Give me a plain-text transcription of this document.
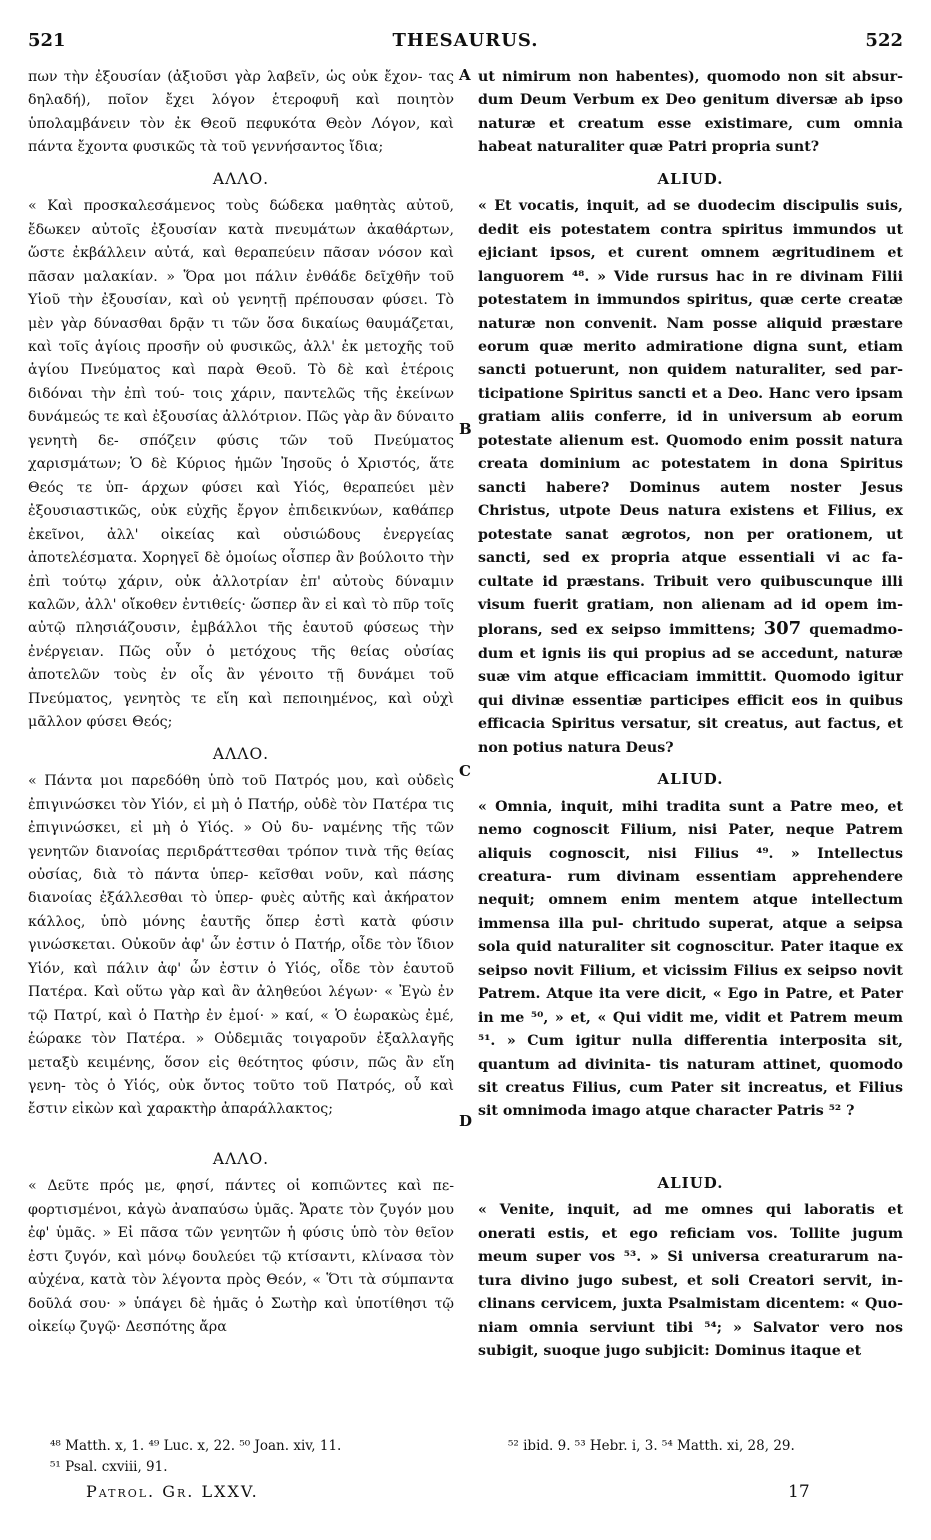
521	THESAURUS.	522

πων τὴν ἐξουσίαν (ἀξιοῦσι γὰρ λαβεῖν, ὡς οὐκ ἔχον- τας δηλαδή), ποῖον ἔχει λόγον ἑτεροφυῆ καὶ ποιητὸν ὑπολαμβάνειν τὸν ἐκ Θεοῦ πεφυκότα Θεὸν Λόγον, καὶ πάντα ἔχοντα φυσικῶς τὰ τοῦ γεννήσαντος ἴδια;

ΑΛΛΟ.

« Καὶ προσκαλεσάμενος τοὺς δώδεκα μαθητὰς αὐτοῦ, ἔδωκεν αὐτοῖς ἐξουσίαν κατὰ πνευμάτων ἀκαθάρτων, ὥστε ἐκβάλλειν αὐτά, καὶ θεραπεύειν πᾶσαν νόσον καὶ πᾶσαν μαλακίαν. » Ὅρα μοι πάλιν ἐνθάδε δεῖχθῆν τοῦ Υἱοῦ τὴν ἐξουσίαν, καὶ οὐ γενητῇ πρέπουσαν φύσει. Τὸ μὲν γὰρ δύνασθαι δρᾷν τι τῶν ὅσα δικαίως θαυμάζεται, καὶ τοῖς ἁγίοις προσῆν οὐ φυσικῶς, ἀλλ' ἐκ μετοχῆς τοῦ ἁγίου Πνεύματος καὶ παρὰ Θεοῦ. Τὸ δὲ καὶ ἑτέροις διδόναι τὴν ἐπὶ τού- τοις χάριν, παντελῶς τῆς ἐκείνων δυνάμεώς τε καὶ ἐξουσίας ἀλλότριον. Πῶς γὰρ ἂν δύναιτο γενητὴ δε- σπόζειν φύσις τῶν τοῦ Πνεύματος χαρισμάτων; Ὁ δὲ Κύριος ἡμῶν Ἰησοῦς ὁ Χριστός, ἅτε Θεός τε ὑπ- άρχων φύσει καὶ Υἱός, θεραπεύει μὲν ἐξουσιαστικῶς, οὐκ εὐχῆς ἔργον ἐπιδεικνύων, καθάπερ ἐκεῖνοι, ἀλλ' οἰκείας καὶ οὐσιώδους ἐνεργείας ἀποτελέσματα. Χορηγεῖ δὲ ὁμοίως οἷσπερ ἂν βούλοιτο τὴν ἐπὶ τούτῳ χάριν, οὐκ ἀλλοτρίαν ἐπ' αὐτοὺς δύναμιν καλῶν, ἀλλ' οἴκοθεν ἐντιθείς· ὥσπερ ἂν εἰ καὶ τὸ πῦρ τοῖς αὐτῷ πλησιάζουσιν, ἐμβάλλοι τῆς ἑαυτοῦ φύσεως τὴν ἐνέργειαν. Πῶς οὖν ὁ μετόχους τῆς θείας οὐσίας ἀποτελῶν τοὺς ἐν οἷς ἂν γένοιτο τῇ δυνάμει τοῦ Πνεύματος, γενητὸς τε εἴη καὶ πεποιημένος, καὶ οὐχὶ μᾶλλον φύσει Θεός;

ΑΛΛΟ.

« Πάντα μοι παρεδόθη ὑπὸ τοῦ Πατρός μου, καὶ οὐδεὶς ἐπιγινώσκει τὸν Υἱόν, εἰ μὴ ὁ Πατήρ, οὐδὲ τὸν Πατέρα τις ἐπιγινώσκει, εἰ μὴ ὁ Υἱός. » Οὐ δυ- ναμένης τῆς τῶν γενητῶν διανοίας περιδράττεσθαι τρόπον τινὰ τῆς θείας οὐσίας, διὰ τὸ πάντα ὑπερ- κεῖσθαι νοῦν, καὶ πάσης διανοίας ἐξάλλεσθαι τὸ ὑπερ- φυὲς αὐτῆς καὶ ἀκήρατον κάλλος, ὑπὸ μόνης ἑαυτῆς ὅπερ ἐστὶ κατὰ φύσιν γινώσκεται. Οὐκοῦν ἀφ' ὧν ἐστιν ὁ Πατήρ, οἶδε τὸν ἴδιον Υἱόν, καὶ πάλιν ἀφ' ὧν ἐστιν ὁ Υἱός, οἶδε τὸν ἑαυτοῦ Πατέρα. Καὶ οὕτω γὰρ καὶ ἂν ἀληθεύοι λέγων· « Ἐγὼ ἐν τῷ Πατρί, καὶ ὁ Πατὴρ ἐν ἐμοί· » καί, « Ὁ ἑωρακὼς ἐμέ, ἑώρακε τὸν Πατέρα. » Οὐδεμιᾶς τοιγαροῦν ἐξαλλαγῆς μεταξὺ κειμένης, ὅσον εἰς θεότητος φύσιν, πῶς ἂν εἴη γενη- τὸς ὁ Υἱός, οὐκ ὄντος τοῦτο τοῦ Πατρός, οὗ καὶ ἔστιν εἰκὼν καὶ χαρακτὴρ ἀπαράλλακτος;

ΑΛΛΟ.

« Δεῦτε πρός με, φησί, πάντες οἱ κοπιῶντες καὶ πε- φορτισμένοι, κἀγὼ ἀναπαύσω ὑμᾶς. Ἄρατε τὸν ζυγόν μου ἐφ' ὑμᾶς. » Εἰ πᾶσα τῶν γενητῶν ἡ φύσις ὑπὸ τὸν θεῖον ἐστι ζυγόν, καὶ μόνῳ δουλεύει τῷ κτίσαντι, κλίνασα τὸν αὐχένα, κατὰ τὸν λέγοντα πρὸς Θεόν, « Ὅτι τὰ σύμπαντα δοῦλά σου· » ὑπάγει δὲ ἡμᾶς ὁ Σωτὴρ καὶ ὑποτίθησι τῷ οἰκείῳ ζυγῷ· Δεσπότης ἄρα

A
B
C
D

ut nimirum non habentes), quomodo non sit absur- dum Deum Verbum ex Deo genitum diversæ ab ipso naturæ et creatum esse existimare, cum omnia habeat naturaliter quæ Patri propria sunt?

ALIUD.

« Et vocatis, inquit, ad se duodecim discipulis suis, dedit eis potestatem contra spiritus immundos ut ejiciant ipsos, et curent omnem ægritudinem et languorem ⁴⁸. » Vide rursus hac in re divinam Filii potestatem in immundos spiritus, quæ certe creatæ naturæ non convenit. Nam posse aliquid præstare eorum quæ merito admiratione digna sunt, etiam sancti potuerunt, non quidem naturaliter, sed par- ticipatione Spiritus sancti et a Deo. Hanc vero ipsam gratiam aliis conferre, id in universum ab eorum potestate alienum est. Quomodo enim possit natura creata dominium ac potestatem in dona Spiritus sancti habere? Dominus autem noster Jesus Christus, utpote Deus natura existens et Filius, ex potestate sanat ægrotos, non per orationem, ut sancti, sed ex propria atque essentiali vi ac fa- cultate id præstans. Tribuit vero quibuscunque illi visum fuerit gratiam, non alienam ad id opem im- plorans, sed ex seipso immittens; 307 quemadmo- dum et ignis iis qui propius ad se accedunt, naturæ suæ vim atque efficaciam immittit. Quomodo igitur qui divinæ essentiæ participes efficit eos in quibus efficacia Spiritus versatur, sit creatus, aut factus, et non potius natura Deus?

ALIUD.

« Omnia, inquit, mihi tradita sunt a Patre meo, et nemo cognoscit Filium, nisi Pater, neque Patrem aliquis cognoscit, nisi Filius ⁴⁹. » Intellectus creatura- rum divinam essentiam apprehendere nequit; omnem enim mentem atque intellectum immensa illa pul- chritudo superat, atque a seipsa sola quid naturaliter sit cognoscitur. Pater itaque ex seipso novit Filium, et vicissim Filius ex seipso novit Patrem. Atque ita vere dicit, « Ego in Patre, et Pater in me ⁵⁰, » et, « Qui vidit me, vidit et Patrem meum ⁵¹. » Cum igitur nulla differentia interposita sit, quantum ad divinita- tis naturam attinet, quomodo sit creatus Filius, cum Pater sit increatus, et Filius sit omnimoda imago atque character Patris ⁵² ?

ALIUD.

« Venite, inquit, ad me omnes qui laboratis et onerati estis, et ego reficiam vos. Tollite jugum meum super vos ⁵³. » Si universa creaturarum na- tura divino jugo subest, et soli Creatori servit, in- clinans cervicem, juxta Psalmistam dicentem: « Quo- niam omnia serviunt tibi ⁵⁴; » Salvator vero nos subigit, suoque jugo subjicit: Dominus itaque et

⁴⁸ Matth. x, 1. ⁴⁹ Luc. x, 22. ⁵⁰ Joan. xiv, 11.
⁵¹ Psal. cxviii, 91.
⁵² ibid. 9. ⁵³ Hebr. i, 3. ⁵⁴ Matth. xi, 28, 29.
Patrol. Gr. LXXV.	17
